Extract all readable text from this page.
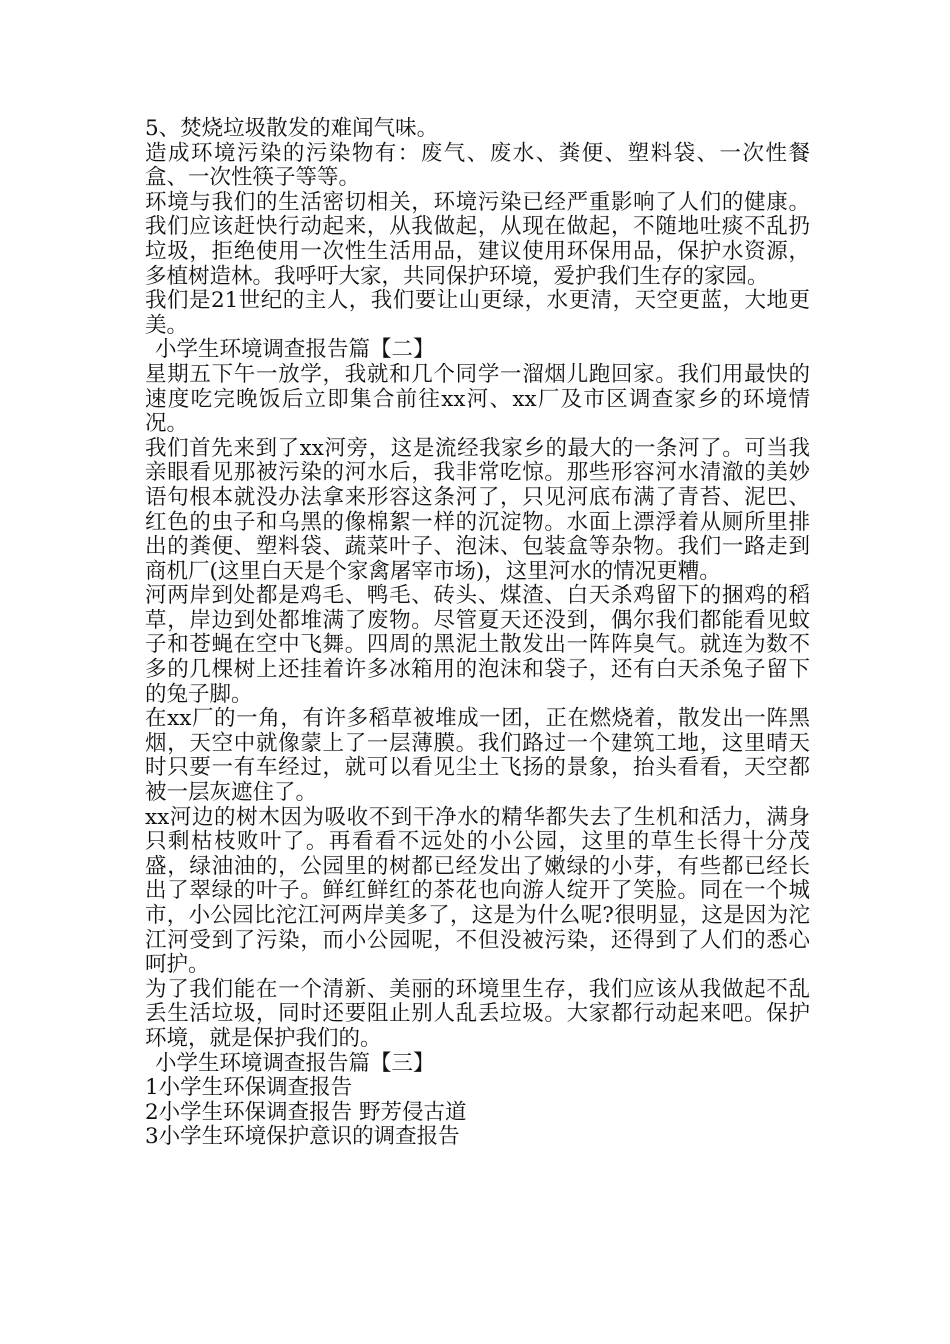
5、焚烧垃圾散发的难闻气味。

造成环境污染的污染物有：废气、废水、粪便、塑料袋、一次性餐盒、一次性筷子等等。

环境与我们的生活密切相关，环境污染已经严重影响了人们的健康。我们应该赶快行动起来，从我做起，从现在做起，不随地吐痰不乱扔垃圾，拒绝使用一次性生活用品，建议使用环保用品，保护水资源，多植树造林。我呼吁大家，共同保护环境，爱护我们生存的家园。

我们是21世纪的主人，我们要让山更绿，水更清，天空更蓝，大地更美。

小学生环境调查报告篇【二】

星期五下午一放学，我就和几个同学一溜烟儿跑回家。我们用最快的速度吃完晚饭后立即集合前往xx河、xx厂及市区调查家乡的环境情况。

我们首先来到了xx河旁，这是流经我家乡的最大的一条河了。可当我亲眼看见那被污染的河水后，我非常吃惊。那些形容河水清澈的美妙语句根本就没办法拿来形容这条河了，只见河底布满了青苔、泥巴、红色的虫子和乌黑的像棉絮一样的沉淀物。水面上漂浮着从厕所里排出的粪便、塑料袋、蔬菜叶子、泡沫、包装盒等杂物。我们一路走到商机厂(这里白天是个家禽屠宰市场)，这里河水的情况更糟。

河两岸到处都是鸡毛、鸭毛、砖头、煤渣、白天杀鸡留下的捆鸡的稻草，岸边到处都堆满了废物。尽管夏天还没到，偶尔我们都能看见蚊子和苍蝇在空中飞舞。四周的黑泥土散发出一阵阵臭气。就连为数不多的几棵树上还挂着许多冰箱用的泡沫和袋子，还有白天杀兔子留下的兔子脚。

在xx厂的一角，有许多稻草被堆成一团，正在燃烧着，散发出一阵黑烟，天空中就像蒙上了一层薄膜。我们路过一个建筑工地，这里晴天时只要一有车经过，就可以看见尘土飞扬的景象，抬头看看，天空都被一层灰遮住了。

xx河边的树木因为吸收不到干净水的精华都失去了生机和活力，满身只剩枯枝败叶了。再看看不远处的小公园，这里的草生长得十分茂盛，绿油油的，公园里的树都已经发出了嫩绿的小芽，有些都已经长出了翠绿的叶子。鲜红鲜红的茶花也向游人绽开了笑脸。同在一个城市，小公园比沱江河两岸美多了，这是为什么呢?很明显，这是因为沱江河受到了污染，而小公园呢，不但没被污染，还得到了人们的悉心呵护。

为了我们能在一个清新、美丽的环境里生存，我们应该从我做起不乱丢生活垃圾，同时还要阻止别人乱丢垃圾。大家都行动起来吧。保护环境，就是保护我们的。

小学生环境调查报告篇【三】

1小学生环保调查报告

2小学生环保调查报告 野芳侵古道

3小学生环境保护意识的调查报告
